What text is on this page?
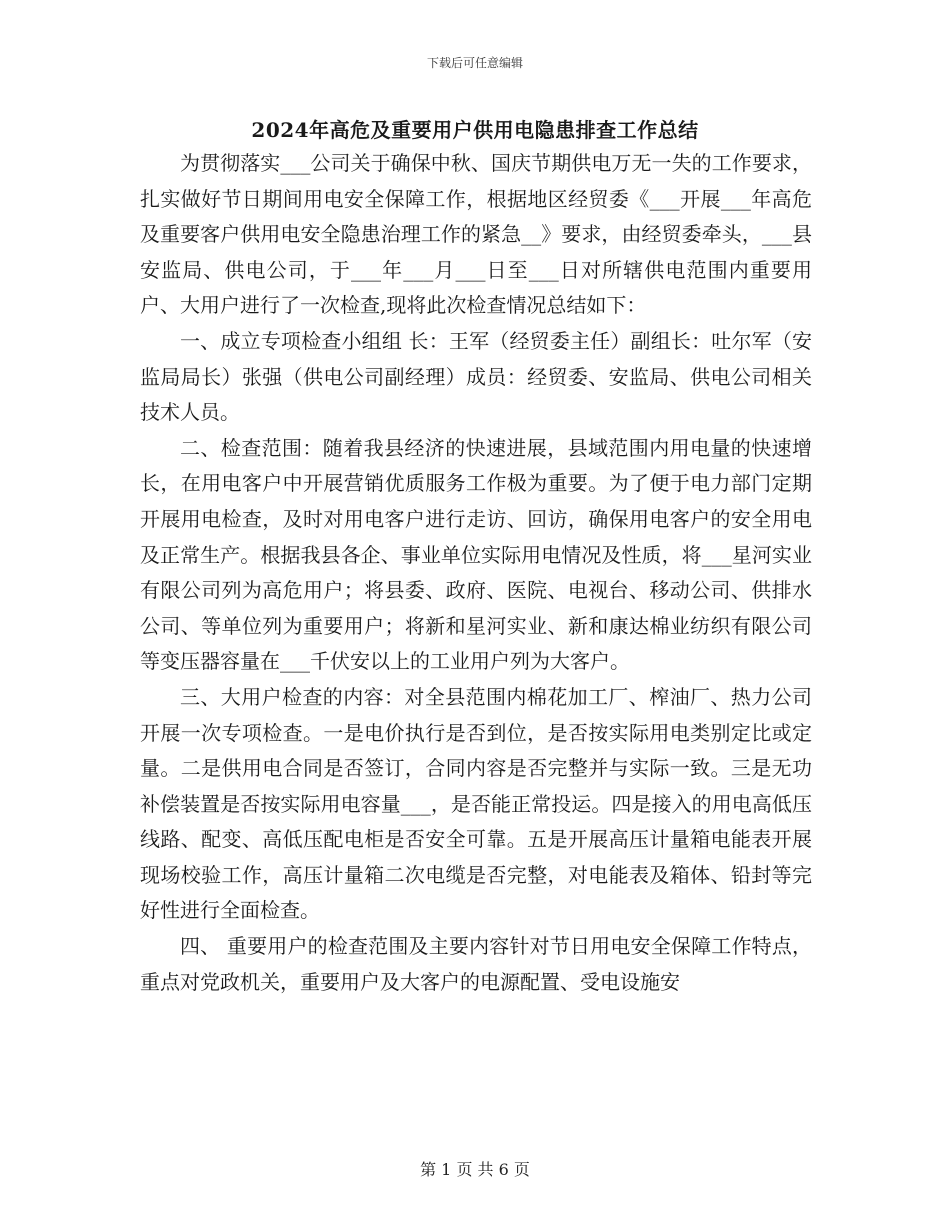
下载后可任意编辑
2024年高危及重要用户供用电隐患排查工作总结

为贯彻落实___公司关于确保中秋、国庆节期供电万无一失的工作要求，扎实做好节日期间用电安全保障工作，根据地区经贸委《___开展___年高危及重要客户供用电安全隐患治理工作的紧急__》要求，由经贸委牵头，___县安监局、供电公司，于___年___月___日至___日对所辖供电范围内重要用户、大用户进行了一次检查,现将此次检查情况总结如下：

一、成立专项检查小组组 长：王军（经贸委主任）副组长：吐尔军（安监局局长）张强（供电公司副经理）成员：经贸委、安监局、供电公司相关技术人员。

二、检查范围：随着我县经济的快速进展，县域范围内用电量的快速增长，在用电客户中开展营销优质服务工作极为重要。为了便于电力部门定期开展用电检查，及时对用电客户进行走访、回访，确保用电客户的安全用电及正常生产。根据我县各企、事业单位实际用电情况及性质，将___星河实业有限公司列为高危用户；将县委、政府、医院、电视台、移动公司、供排水公司、等单位列为重要用户；将新和星河实业、新和康达棉业纺织有限公司等变压器容量在___千伏安以上的工业用户列为大客户。

三、大用户检查的内容：对全县范围内棉花加工厂、榨油厂、热力公司开展一次专项检查。一是电价执行是否到位，是否按实际用电类别定比或定量。二是供用电合同是否签订，合同内容是否完整并与实际一致。三是无功补偿装置是否按实际用电容量___，是否能正常投运。四是接入的用电高低压线路、配变、高低压配电柜是否安全可靠。五是开展高压计量箱电能表开展现场校验工作，高压计量箱二次电缆是否完整，对电能表及箱体、铅封等完好性进行全面检查。

四、 重要用户的检查范围及主要内容针对节日用电安全保障工作特点，重点对党政机关，重要用户及大客户的电源配置、受电设施安

第 1 页 共 6 页
